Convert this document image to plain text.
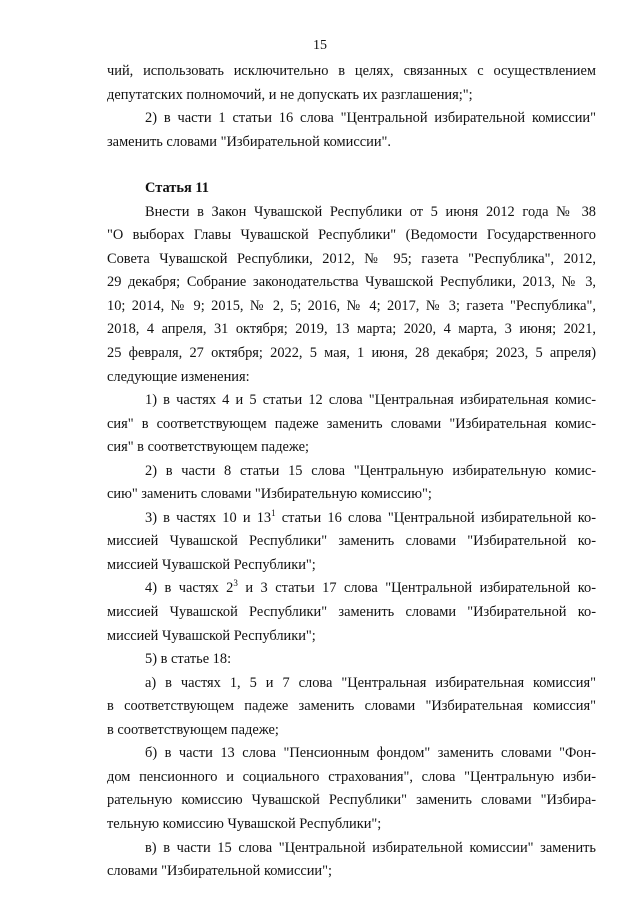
15

чий, использовать исключительно в целях, связанных с осуществлением
депутатских полномочий, и не допускать их разглашения;";

2) в части 1 статьи 16 слова "Центральной избирательной комиссии"
заменить словами "Избирательной комиссии".

Статья 11

Внести в Закон Чувашской Республики от 5 июня 2012 года № 38
"О выборах Главы Чувашской Республики" (Ведомости Государственного
Совета Чувашской Республики, 2012, № 95; газета "Республика", 2012,
29 декабря; Собрание законодательства Чувашской Республики, 2013, № 3,
10; 2014, № 9; 2015, № 2, 5; 2016, № 4; 2017, № 3; газета "Республика",
2018, 4 апреля, 31 октября; 2019, 13 марта; 2020, 4 марта, 3 июня; 2021,
25 февраля, 27 октября; 2022, 5 мая, 1 июня, 28 декабря; 2023, 5 апреля)
следующие изменения:

1) в частях 4 и 5 статьи 12 слова "Центральная избирательная комис-
сия" в соответствующем падеже заменить словами "Избирательная комис-
сия" в соответствующем падеже;

2) в части 8 статьи 15 слова "Центральную избирательную комис-
сию" заменить словами "Избирательную комиссию";

3) в частях 10 и $13^1$ статьи 16 слова "Центральной избирательной ко-
миссией Чувашской Республики" заменить словами "Избирательной ко-
миссией Чувашской Республики";

4) в частях $2^3$ и 3 статьи 17 слова "Центральной избирательной ко-
миссией Чувашской Республики" заменить словами "Избирательной ко-
миссией Чувашской Республики";

5) в статье 18:

а) в частях 1, 5 и 7 слова "Центральная избирательная комиссия"
в соответствующем падеже заменить словами "Избирательная комиссия"
в соответствующем падеже;

б) в части 13 слова "Пенсионным фондом" заменить словами "Фон-
дом пенсионного и социального страхования", слова "Центральную изби-
рательную комиссию Чувашской Республики" заменить словами "Избира-
тельную комиссию Чувашской Республики";

в) в части 15 слова "Центральной избирательной комиссии" заменить
словами "Избирательной комиссии";
